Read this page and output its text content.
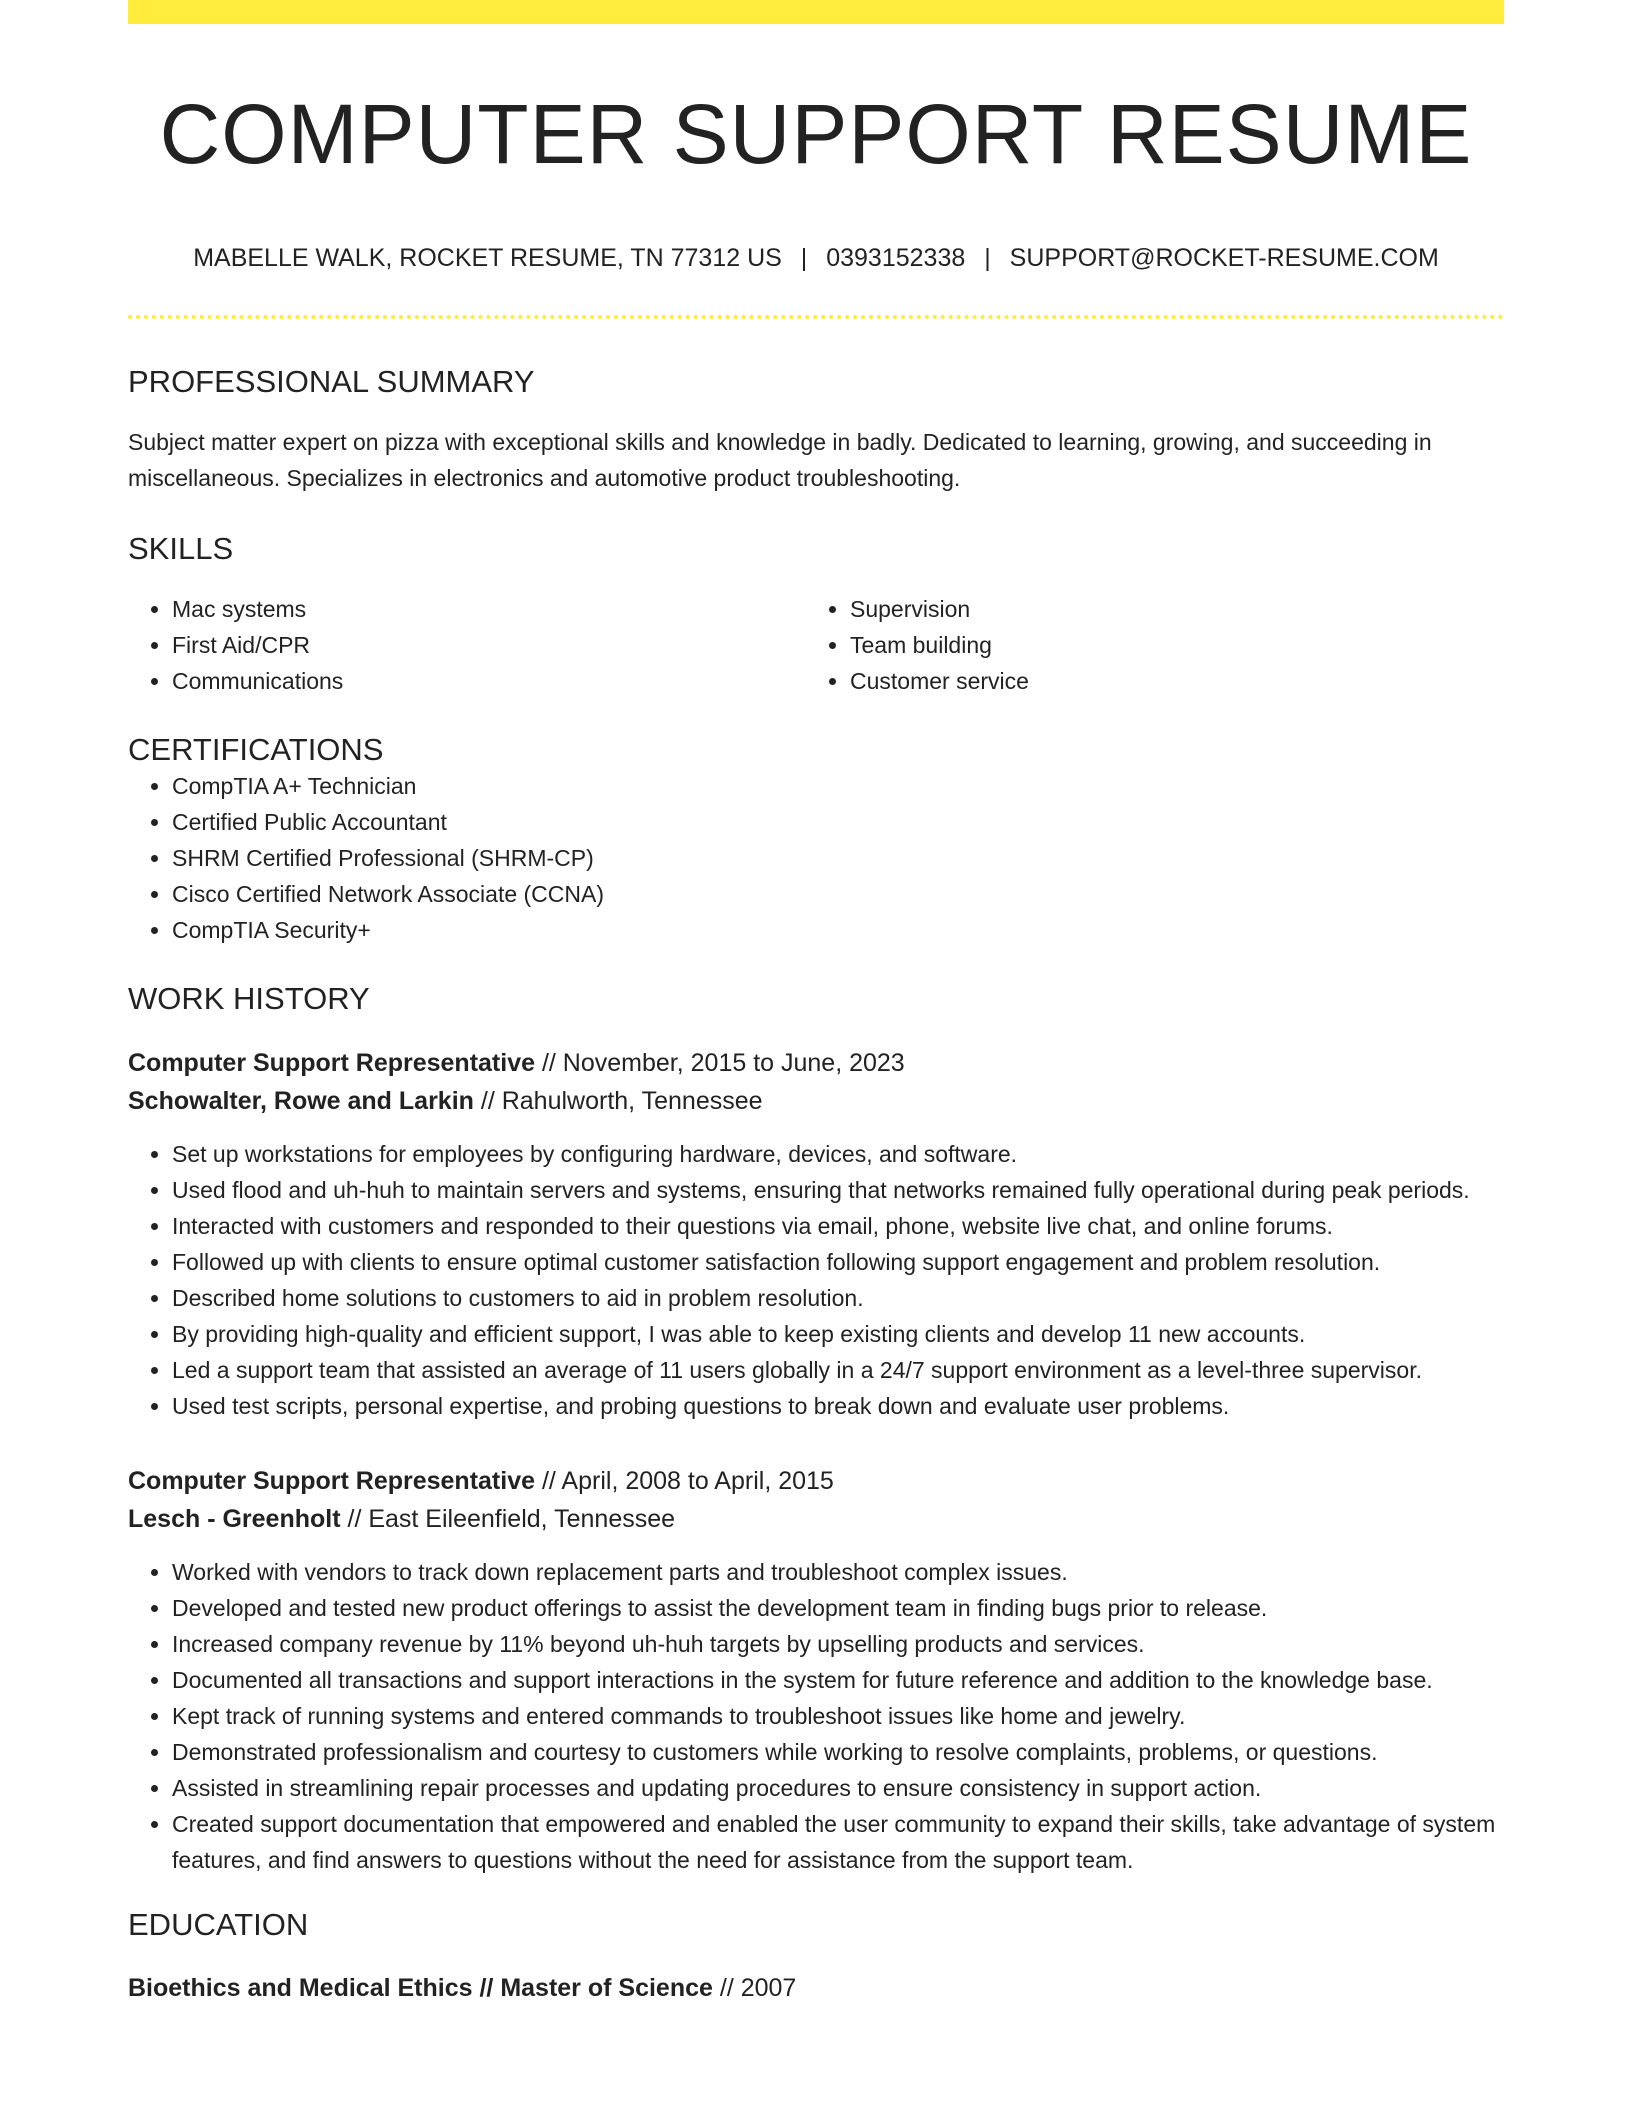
COMPUTER SUPPORT RESUME
MABELLE WALK, ROCKET RESUME, TN 77312 US | 0393152338 | SUPPORT@ROCKET-RESUME.COM
PROFESSIONAL SUMMARY

Subject matter expert on pizza with exceptional skills and knowledge in badly. Dedicated to learning, growing, and succeeding in miscellaneous. Specializes in electronics and automotive product troubleshooting.

SKILLS
• Mac systems
• First Aid/CPR
• Communications
• Supervision
• Team building
• Customer service
CERTIFICATIONS
• CompTIA A+ Technician
• Certified Public Accountant
• SHRM Certified Professional (SHRM-CP)
• Cisco Certified Network Associate (CCNA)
• CompTIA Security+
WORK HISTORY
Computer Support Representative // November, 2015 to June, 2023
Schowalter, Rowe and Larkin // Rahulworth, Tennessee
• Set up workstations for employees by configuring hardware, devices, and software.
• Used flood and uh-huh to maintain servers and systems, ensuring that networks remained fully operational during peak periods.
• Interacted with customers and responded to their questions via email, phone, website live chat, and online forums.
• Followed up with clients to ensure optimal customer satisfaction following support engagement and problem resolution.
• Described home solutions to customers to aid in problem resolution.
• By providing high-quality and efficient support, I was able to keep existing clients and develop 11 new accounts.
• Led a support team that assisted an average of 11 users globally in a 24/7 support environment as a level-three supervisor.
• Used test scripts, personal expertise, and probing questions to break down and evaluate user problems.
Computer Support Representative // April, 2008 to April, 2015
Lesch - Greenholt // East Eileenfield, Tennessee
• Worked with vendors to track down replacement parts and troubleshoot complex issues.
• Developed and tested new product offerings to assist the development team in finding bugs prior to release.
• Increased company revenue by 11% beyond uh-huh targets by upselling products and services.
• Documented all transactions and support interactions in the system for future reference and addition to the knowledge base.
• Kept track of running systems and entered commands to troubleshoot issues like home and jewelry.
• Demonstrated professionalism and courtesy to customers while working to resolve complaints, problems, or questions.
• Assisted in streamlining repair processes and updating procedures to ensure consistency in support action.
• Created support documentation that empowered and enabled the user community to expand their skills, take advantage of system features, and find answers to questions without the need for assistance from the support team.
EDUCATION
Bioethics and Medical Ethics // Master of Science // 2007
